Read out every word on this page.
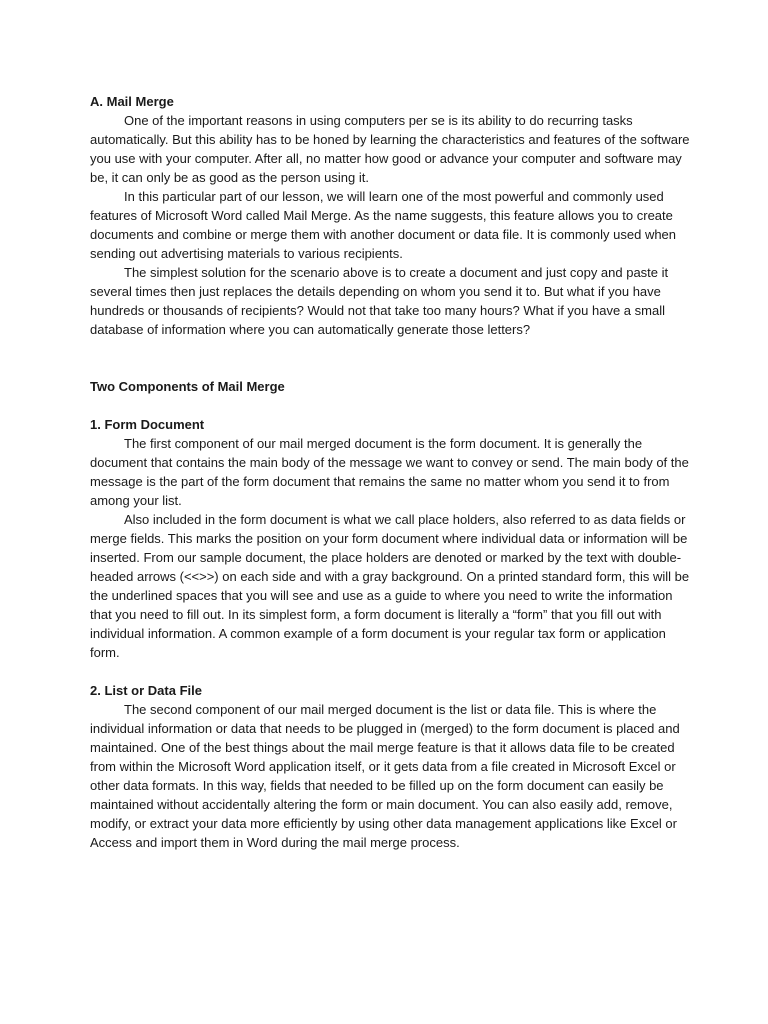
A. Mail Merge

One of the important reasons in using computers per se is its ability to do recurring tasks automatically. But this ability has to be honed by learning the characteristics and features of the software you use with your computer. After all, no matter how good or advance your computer and software may be, it can only be as good as the person using it.

In this particular part of our lesson, we will learn one of the most powerful and commonly used features of Microsoft Word called Mail Merge. As the name suggests, this feature allows you to create documents and combine or merge them with another document or data file. It is commonly used when sending out advertising materials to various recipients.

The simplest solution for the scenario above is to create a document and just copy and paste it several times then just replaces the details depending on whom you send it to. But what if you have hundreds or thousands of recipients? Would not that take too many hours? What if you have a small database of information where you can automatically generate those letters?

Two Components of Mail Merge

1. Form Document

The first component of our mail merged document is the form document. It is generally the document that contains the main body of the message we want to convey or send. The main body of the message is the part of the form document that remains the same no matter whom you send it to from among your list.

Also included in the form document is what we call place holders, also referred to as data fields or merge fields. This marks the position on your form document where individual data or information will be inserted. From our sample document, the place holders are denoted or marked by the text with double-headed arrows (<<>>) on each side and with a gray background. On a printed standard form, this will be the underlined spaces that you will see and use as a guide to where you need to write the information that you need to fill out. In its simplest form, a form document is literally a “form” that you fill out with individual information. A common example of a form document is your regular tax form or application form.

2. List or Data File

The second component of our mail merged document is the list or data file. This is where the individual information or data that needs to be plugged in (merged) to the form document is placed and maintained. One of the best things about the mail merge feature is that it allows data file to be created from within the Microsoft Word application itself, or it gets data from a file created in Microsoft Excel or other data formats. In this way, fields that needed to be filled up on the form document can easily be maintained without accidentally altering the form or main document. You can also easily add, remove, modify, or extract your data more efficiently by using other data management applications like Excel or Access and import them in Word during the mail merge process.
